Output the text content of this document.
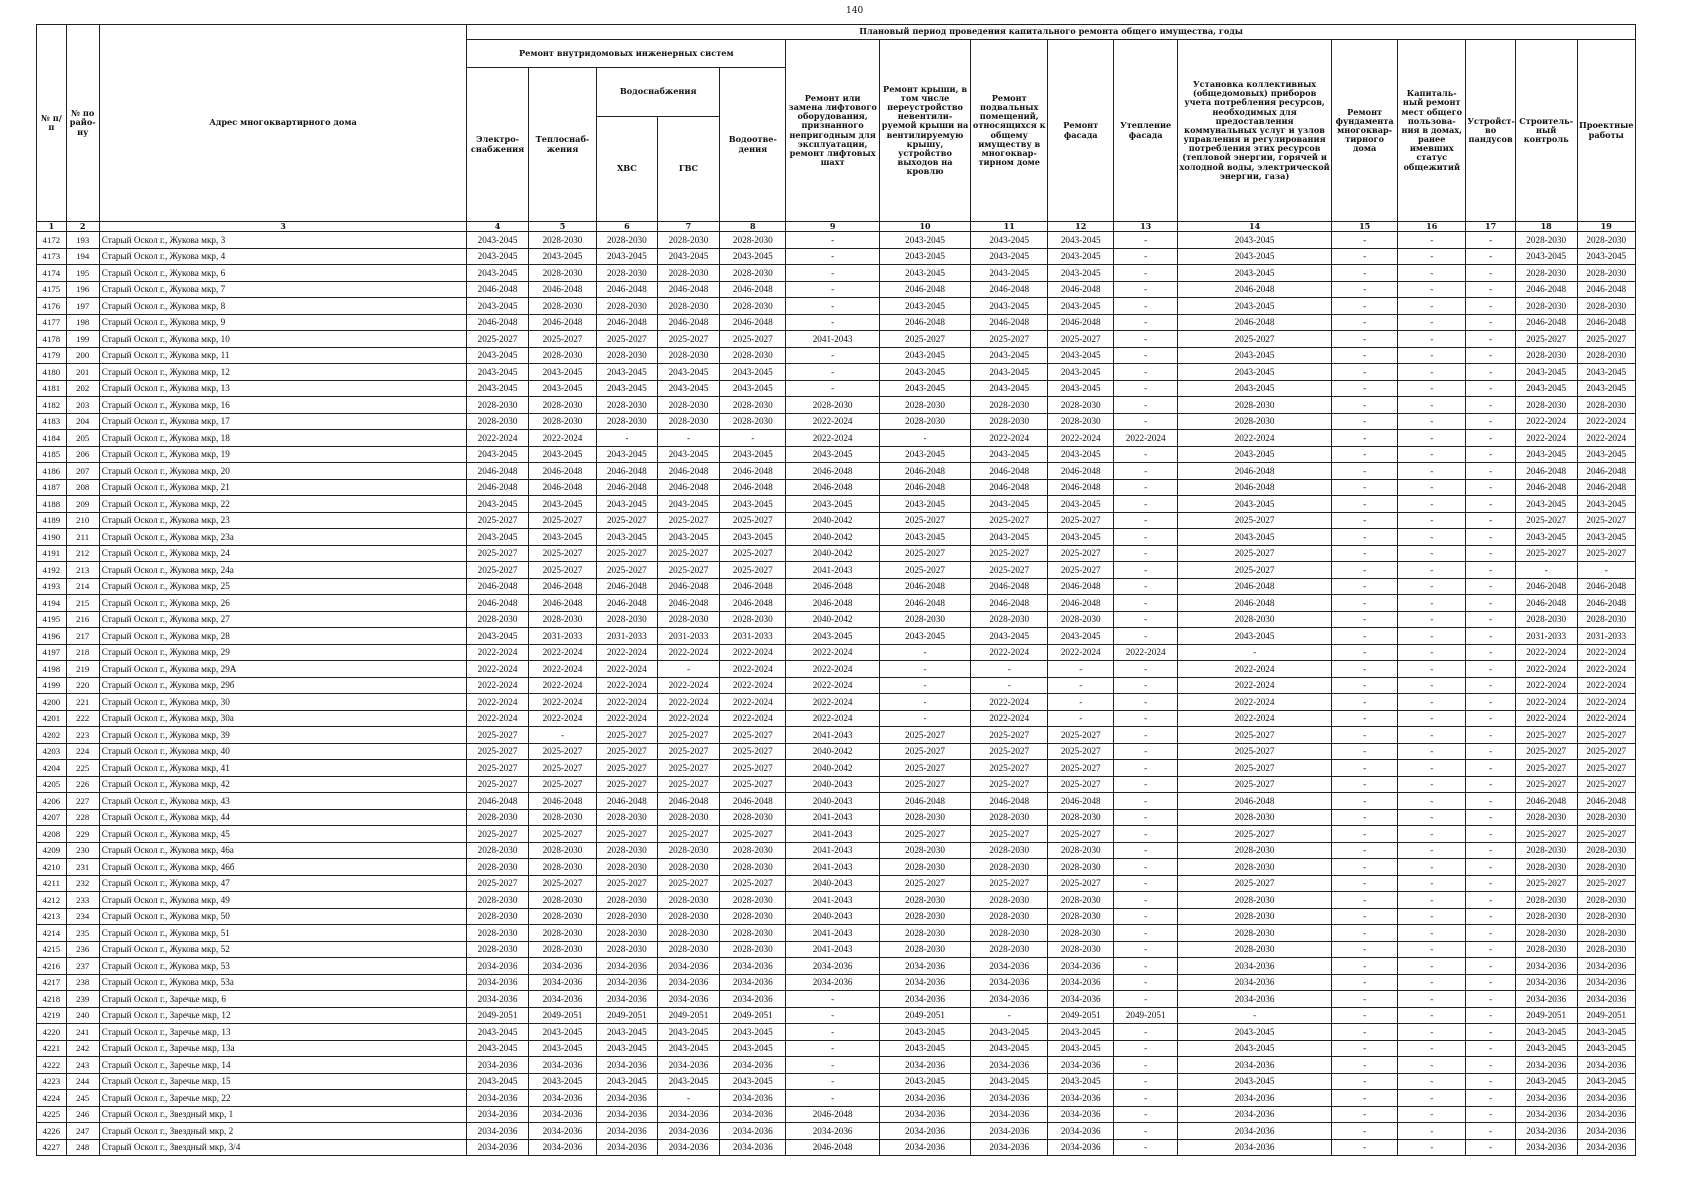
140
№ п/п	№ по райо-ну	Адрес многоквартирного дома	Плановый период проведения капитального ремонта общего имущества, годы															
			Ремонт внутридомовых инженерных систем					Ремонт или замена лифтового оборудования, признанного непригодным для эксплуатации, ремонт лифтовых шахт	Ремонт крыши, в том числе переустройство невентили-руемой крыши на вентилируемую крышу, устройство выходов на кровлю	Ремонт подвальных помещений, относящихся к общему имуществу в многоквар-тирном доме	Ремонт фасада	Утепление фасада	Установка коллективных (общедомовых) приборов учета потребления ресурсов, необходимых для предоставления коммунальных услуг и узлов управления и регулирования потребления этих ресурсов (тепловой энергии, горячей и холодной воды, электрической энергии, газа)	Ремонт фундамента многоквар-тирного дома	Капиталь-ный ремонт мест общего пользова-ния в домах, ранее имевших статус общежитий	Устройст-во пандусов	Строитель-ный контроль	Проектные работы
			Электро-снабжения	Теплоснаб-жения	Водоснабжения		Водоотве-дения											
					ХВС	ГВС												
1	2	3	4	5	6	7	8	9	10	11	12	13	14	15	16	17	18	19
4172	193	Старый Оскол г., Жукова мкр, 3	2043-2045	2028-2030	2028-2030	2028-2030	2028-2030	-	2043-2045	2043-2045	2043-2045	-	2043-2045	-	-	-	2028-2030	2028-2030
4173	194	Старый Оскол г., Жукова мкр, 4	2043-2045	2043-2045	2043-2045	2043-2045	2043-2045	-	2043-2045	2043-2045	2043-2045	-	2043-2045	-	-	-	2043-2045	2043-2045
4174	195	Старый Оскол г., Жукова мкр, 6	2043-2045	2028-2030	2028-2030	2028-2030	2028-2030	-	2043-2045	2043-2045	2043-2045	-	2043-2045	-	-	-	2028-2030	2028-2030
4175	196	Старый Оскол г., Жукова мкр, 7	2046-2048	2046-2048	2046-2048	2046-2048	2046-2048	-	2046-2048	2046-2048	2046-2048	-	2046-2048	-	-	-	2046-2048	2046-2048
4176	197	Старый Оскол г., Жукова мкр, 8	2043-2045	2028-2030	2028-2030	2028-2030	2028-2030	-	2043-2045	2043-2045	2043-2045	-	2043-2045	-	-	-	2028-2030	2028-2030
4177	198	Старый Оскол г., Жукова мкр, 9	2046-2048	2046-2048	2046-2048	2046-2048	2046-2048	-	2046-2048	2046-2048	2046-2048	-	2046-2048	-	-	-	2046-2048	2046-2048
4178	199	Старый Оскол г., Жукова мкр, 10	2025-2027	2025-2027	2025-2027	2025-2027	2025-2027	2041-2043	2025-2027	2025-2027	2025-2027	-	2025-2027	-	-	-	2025-2027	2025-2027
4179	200	Старый Оскол г., Жукова мкр, 11	2043-2045	2028-2030	2028-2030	2028-2030	2028-2030	-	2043-2045	2043-2045	2043-2045	-	2043-2045	-	-	-	2028-2030	2028-2030
4180	201	Старый Оскол г., Жукова мкр, 12	2043-2045	2043-2045	2043-2045	2043-2045	2043-2045	-	2043-2045	2043-2045	2043-2045	-	2043-2045	-	-	-	2043-2045	2043-2045
4181	202	Старый Оскол г., Жукова мкр, 13	2043-2045	2043-2045	2043-2045	2043-2045	2043-2045	-	2043-2045	2043-2045	2043-2045	-	2043-2045	-	-	-	2043-2045	2043-2045
4182	203	Старый Оскол г., Жукова мкр, 16	2028-2030	2028-2030	2028-2030	2028-2030	2028-2030	2028-2030	2028-2030	2028-2030	2028-2030	-	2028-2030	-	-	-	2028-2030	2028-2030
4183	204	Старый Оскол г., Жукова мкр, 17	2028-2030	2028-2030	2028-2030	2028-2030	2028-2030	2022-2024	2028-2030	2028-2030	2028-2030	-	2028-2030	-	-	-	2022-2024	2022-2024
4184	205	Старый Оскол г., Жукова мкр, 18	2022-2024	2022-2024	-	-	-	2022-2024	-	2022-2024	2022-2024	2022-2024	2022-2024	-	-	-	2022-2024	2022-2024
4185	206	Старый Оскол г., Жукова мкр, 19	2043-2045	2043-2045	2043-2045	2043-2045	2043-2045	2043-2045	2043-2045	2043-2045	2043-2045	-	2043-2045	-	-	-	2043-2045	2043-2045
4186	207	Старый Оскол г., Жукова мкр, 20	2046-2048	2046-2048	2046-2048	2046-2048	2046-2048	2046-2048	2046-2048	2046-2048	2046-2048	-	2046-2048	-	-	-	2046-2048	2046-2048
4187	208	Старый Оскол г., Жукова мкр, 21	2046-2048	2046-2048	2046-2048	2046-2048	2046-2048	2046-2048	2046-2048	2046-2048	2046-2048	-	2046-2048	-	-	-	2046-2048	2046-2048
4188	209	Старый Оскол г., Жукова мкр, 22	2043-2045	2043-2045	2043-2045	2043-2045	2043-2045	2043-2045	2043-2045	2043-2045	2043-2045	-	2043-2045	-	-	-	2043-2045	2043-2045
4189	210	Старый Оскол г., Жукова мкр, 23	2025-2027	2025-2027	2025-2027	2025-2027	2025-2027	2040-2042	2025-2027	2025-2027	2025-2027	-	2025-2027	-	-	-	2025-2027	2025-2027
4190	211	Старый Оскол г., Жукова мкр, 23а	2043-2045	2043-2045	2043-2045	2043-2045	2043-2045	2040-2042	2043-2045	2043-2045	2043-2045	-	2043-2045	-	-	-	2043-2045	2043-2045
4191	212	Старый Оскол г., Жукова мкр, 24	2025-2027	2025-2027	2025-2027	2025-2027	2025-2027	2040-2042	2025-2027	2025-2027	2025-2027	-	2025-2027	-	-	-	2025-2027	2025-2027
4192	213	Старый Оскол г., Жукова мкр, 24а	2025-2027	2025-2027	2025-2027	2025-2027	2025-2027	2041-2043	2025-2027	2025-2027	2025-2027	-	2025-2027	-	-	-	-	-
4193	214	Старый Оскол г., Жукова мкр, 25	2046-2048	2046-2048	2046-2048	2046-2048	2046-2048	2046-2048	2046-2048	2046-2048	2046-2048	-	2046-2048	-	-	-	2046-2048	2046-2048
4194	215	Старый Оскол г., Жукова мкр, 26	2046-2048	2046-2048	2046-2048	2046-2048	2046-2048	2046-2048	2046-2048	2046-2048	2046-2048	-	2046-2048	-	-	-	2046-2048	2046-2048
4195	216	Старый Оскол г., Жукова мкр, 27	2028-2030	2028-2030	2028-2030	2028-2030	2028-2030	2040-2042	2028-2030	2028-2030	2028-2030	-	2028-2030	-	-	-	2028-2030	2028-2030
4196	217	Старый Оскол г., Жукова мкр, 28	2043-2045	2031-2033	2031-2033	2031-2033	2031-2033	2043-2045	2043-2045	2043-2045	2043-2045	-	2043-2045	-	-	-	2031-2033	2031-2033
4197	218	Старый Оскол г., Жукова мкр, 29	2022-2024	2022-2024	2022-2024	2022-2024	2022-2024	2022-2024	-	2022-2024	2022-2024	2022-2024	-	-	-	-	2022-2024	2022-2024
4198	219	Старый Оскол г., Жукова мкр, 29А	2022-2024	2022-2024	2022-2024	-	2022-2024	2022-2024	-	-	-	-	2022-2024	-	-	-	2022-2024	2022-2024
4199	220	Старый Оскол г., Жукова мкр, 29б	2022-2024	2022-2024	2022-2024	2022-2024	2022-2024	2022-2024	-	-	-	-	2022-2024	-	-	-	2022-2024	2022-2024
4200	221	Старый Оскол г., Жукова мкр, 30	2022-2024	2022-2024	2022-2024	2022-2024	2022-2024	2022-2024	-	2022-2024	-	-	2022-2024	-	-	-	2022-2024	2022-2024
4201	222	Старый Оскол г., Жукова мкр, 30а	2022-2024	2022-2024	2022-2024	2022-2024	2022-2024	2022-2024	-	2022-2024	-	-	2022-2024	-	-	-	2022-2024	2022-2024
4202	223	Старый Оскол г., Жукова мкр, 39	2025-2027	-	2025-2027	2025-2027	2025-2027	2041-2043	2025-2027	2025-2027	2025-2027	-	2025-2027	-	-	-	2025-2027	2025-2027
4203	224	Старый Оскол г., Жукова мкр, 40	2025-2027	2025-2027	2025-2027	2025-2027	2025-2027	2040-2042	2025-2027	2025-2027	2025-2027	-	2025-2027	-	-	-	2025-2027	2025-2027
4204	225	Старый Оскол г., Жукова мкр, 41	2025-2027	2025-2027	2025-2027	2025-2027	2025-2027	2040-2042	2025-2027	2025-2027	2025-2027	-	2025-2027	-	-	-	2025-2027	2025-2027
4205	226	Старый Оскол г., Жукова мкр, 42	2025-2027	2025-2027	2025-2027	2025-2027	2025-2027	2040-2043	2025-2027	2025-2027	2025-2027	-	2025-2027	-	-	-	2025-2027	2025-2027
4206	227	Старый Оскол г., Жукова мкр, 43	2046-2048	2046-2048	2046-2048	2046-2048	2046-2048	2040-2043	2046-2048	2046-2048	2046-2048	-	2046-2048	-	-	-	2046-2048	2046-2048
4207	228	Старый Оскол г., Жукова мкр, 44	2028-2030	2028-2030	2028-2030	2028-2030	2028-2030	2041-2043	2028-2030	2028-2030	2028-2030	-	2028-2030	-	-	-	2028-2030	2028-2030
4208	229	Старый Оскол г., Жукова мкр, 45	2025-2027	2025-2027	2025-2027	2025-2027	2025-2027	2041-2043	2025-2027	2025-2027	2025-2027	-	2025-2027	-	-	-	2025-2027	2025-2027
4209	230	Старый Оскол г., Жукова мкр, 46а	2028-2030	2028-2030	2028-2030	2028-2030	2028-2030	2041-2043	2028-2030	2028-2030	2028-2030	-	2028-2030	-	-	-	2028-2030	2028-2030
4210	231	Старый Оскол г., Жукова мкр, 46б	2028-2030	2028-2030	2028-2030	2028-2030	2028-2030	2041-2043	2028-2030	2028-2030	2028-2030	-	2028-2030	-	-	-	2028-2030	2028-2030
4211	232	Старый Оскол г., Жукова мкр, 47	2025-2027	2025-2027	2025-2027	2025-2027	2025-2027	2040-2043	2025-2027	2025-2027	2025-2027	-	2025-2027	-	-	-	2025-2027	2025-2027
4212	233	Старый Оскол г., Жукова мкр, 49	2028-2030	2028-2030	2028-2030	2028-2030	2028-2030	2041-2043	2028-2030	2028-2030	2028-2030	-	2028-2030	-	-	-	2028-2030	2028-2030
4213	234	Старый Оскол г., Жукова мкр, 50	2028-2030	2028-2030	2028-2030	2028-2030	2028-2030	2040-2043	2028-2030	2028-2030	2028-2030	-	2028-2030	-	-	-	2028-2030	2028-2030
4214	235	Старый Оскол г., Жукова мкр, 51	2028-2030	2028-2030	2028-2030	2028-2030	2028-2030	2041-2043	2028-2030	2028-2030	2028-2030	-	2028-2030	-	-	-	2028-2030	2028-2030
4215	236	Старый Оскол г., Жукова мкр, 52	2028-2030	2028-2030	2028-2030	2028-2030	2028-2030	2041-2043	2028-2030	2028-2030	2028-2030	-	2028-2030	-	-	-	2028-2030	2028-2030
4216	237	Старый Оскол г., Жукова мкр, 53	2034-2036	2034-2036	2034-2036	2034-2036	2034-2036	2034-2036	2034-2036	2034-2036	2034-2036	-	2034-2036	-	-	-	2034-2036	2034-2036
4217	238	Старый Оскол г., Жукова мкр, 53а	2034-2036	2034-2036	2034-2036	2034-2036	2034-2036	2034-2036	2034-2036	2034-2036	2034-2036	-	2034-2036	-	-	-	2034-2036	2034-2036
4218	239	Старый Оскол г., Заречье мкр, 6	2034-2036	2034-2036	2034-2036	2034-2036	2034-2036	-	2034-2036	2034-2036	2034-2036	-	2034-2036	-	-	-	2034-2036	2034-2036
4219	240	Старый Оскол г., Заречье мкр, 12	2049-2051	2049-2051	2049-2051	2049-2051	2049-2051	-	2049-2051	-	2049-2051	2049-2051	-	-	-	-	2049-2051	2049-2051
4220	241	Старый Оскол г., Заречье мкр, 13	2043-2045	2043-2045	2043-2045	2043-2045	2043-2045	-	2043-2045	2043-2045	2043-2045	-	2043-2045	-	-	-	2043-2045	2043-2045
4221	242	Старый Оскол г., Заречье мкр, 13а	2043-2045	2043-2045	2043-2045	2043-2045	2043-2045	-	2043-2045	2043-2045	2043-2045	-	2043-2045	-	-	-	2043-2045	2043-2045
4222	243	Старый Оскол г., Заречье мкр, 14	2034-2036	2034-2036	2034-2036	2034-2036	2034-2036	-	2034-2036	2034-2036	2034-2036	-	2034-2036	-	-	-	2034-2036	2034-2036
4223	244	Старый Оскол г., Заречье мкр, 15	2043-2045	2043-2045	2043-2045	2043-2045	2043-2045	-	2043-2045	2043-2045	2043-2045	-	2043-2045	-	-	-	2043-2045	2043-2045
4224	245	Старый Оскол г., Заречье мкр, 22	2034-2036	2034-2036	2034-2036	-	2034-2036	-	2034-2036	2034-2036	2034-2036	-	2034-2036	-	-	-	2034-2036	2034-2036
4225	246	Старый Оскол г., Звездный мкр, 1	2034-2036	2034-2036	2034-2036	2034-2036	2034-2036	2046-2048	2034-2036	2034-2036	2034-2036	-	2034-2036	-	-	-	2034-2036	2034-2036
4226	247	Старый Оскол г., Звездный мкр, 2	2034-2036	2034-2036	2034-2036	2034-2036	2034-2036	2034-2036	2034-2036	2034-2036	2034-2036	-	2034-2036	-	-	-	2034-2036	2034-2036
4227	248	Старый Оскол г., Звездный мкр, 3/4	2034-2036	2034-2036	2034-2036	2034-2036	2034-2036	2046-2048	2034-2036	2034-2036	2034-2036	-	2034-2036	-	-	-	2034-2036	2034-2036
